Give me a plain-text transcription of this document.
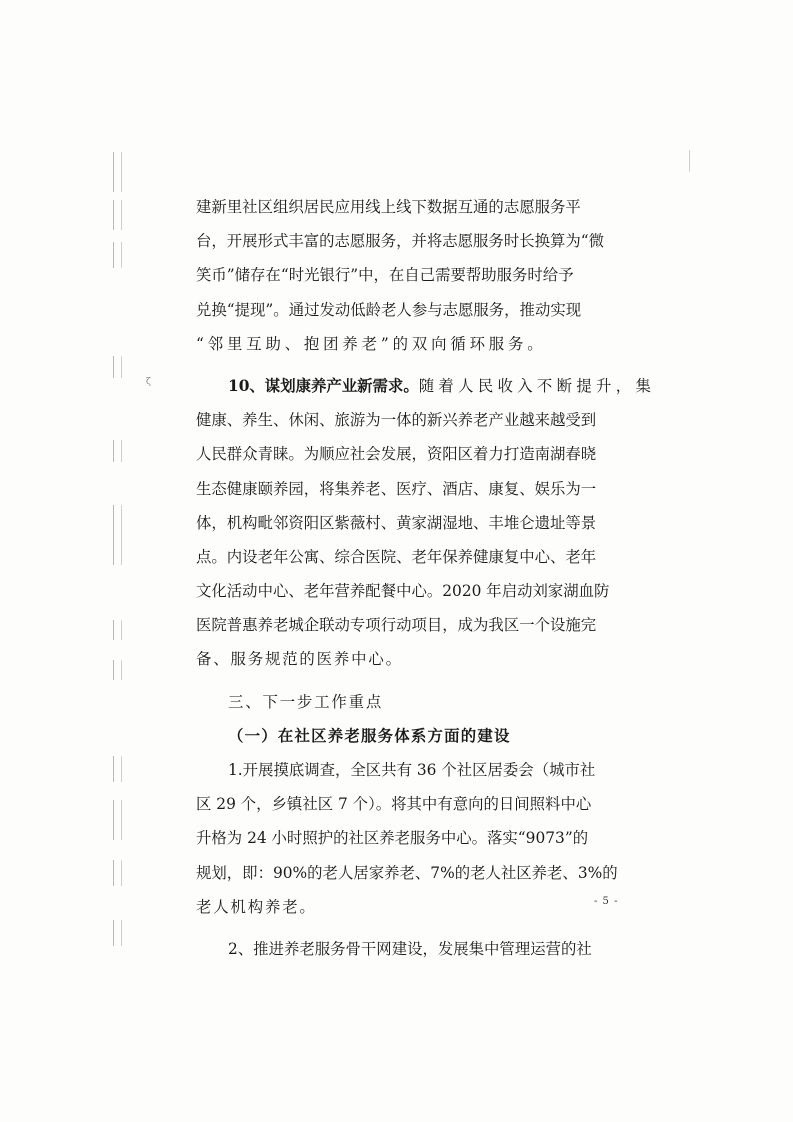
ζ
建新里社区组织居民应用线上线下数据互通的志愿服务平
台，开展形式丰富的志愿服务，并将志愿服务时长换算为“微
笑币”储存在“时光银行”中，在自己需要帮助服务时给予
兑换“提现”。通过发动低龄老人参与志愿服务，推动实现
“邻里互助、抱团养老”的双向循环服务。
10、谋划康养产业新需求。 随着人民收入不断提升，集
健康、养生、休闲、旅游为一体的新兴养老产业越来越受到
人民群众青睐。为顺应社会发展，资阳区着力打造南湖春晓
生态健康颐养园，将集养老、医疗、酒店、康复、娱乐为一
体，机构毗邻资阳区紫薇村、黄家湖湿地、丰堆仑遗址等景
点。内设老年公寓、综合医院、老年保养健康复中心、老年
文化活动中心、老年营养配餐中心。2020 年启动刘家湖血防
医院普惠养老城企联动专项行动项目，成为我区一个设施完
备、服务规范的医养中心。
三、下一步工作重点
（一）在社区养老服务体系方面的建设
1.开展摸底调查，全区共有 36 个社区居委会（城市社
区 29 个，乡镇社区 7 个）。将其中有意向的日间照料中心
升格为 24 小时照护的社区养老服务中心。落实“9073”的
规划，即：90%的老人居家养老、7%的老人社区养老、3%的
老人机构养老。
2、推进养老服务骨干网建设，发展集中管理运营的社
- 5 -
